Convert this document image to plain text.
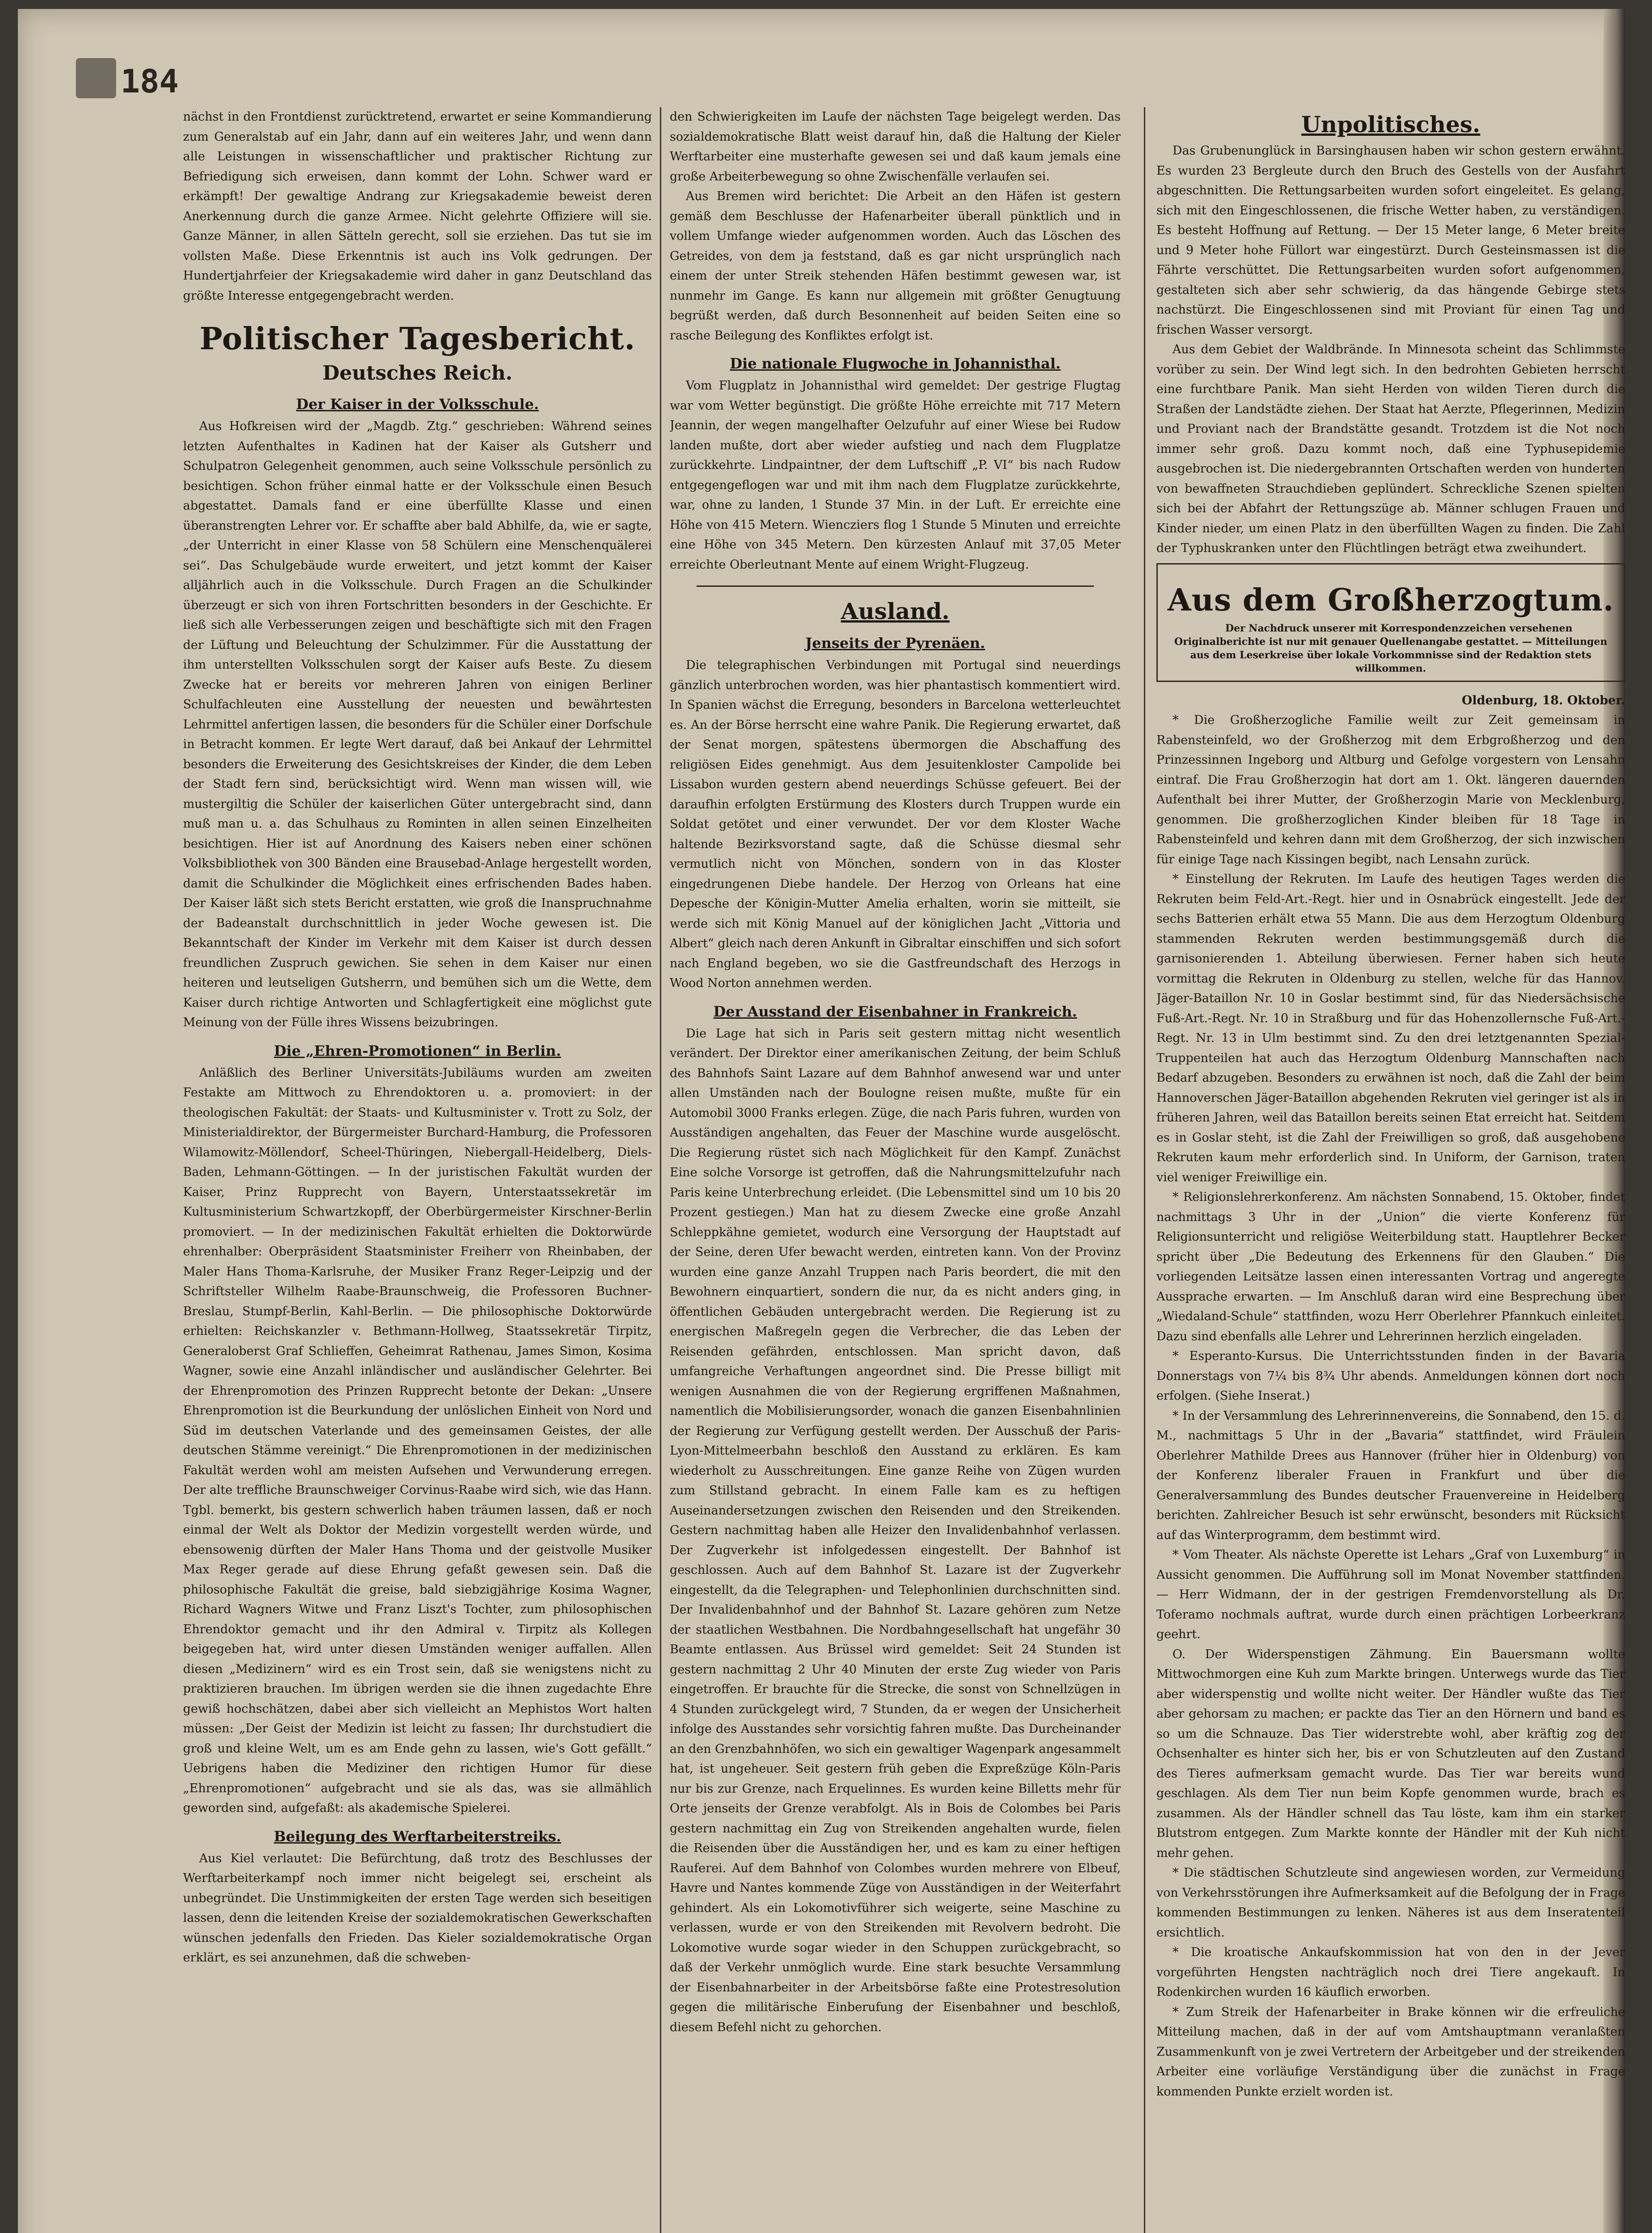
184

nächst in den Frontdienst zurücktretend, erwartet er seine Kommandierung zum Generalstab auf ein Jahr, dann auf ein weiteres Jahr, und wenn dann alle Leistungen in wissenschaftlicher und praktischer Richtung zur Befriedigung sich erweisen, dann kommt der Lohn. Schwer ward er erkämpft! Der gewaltige Andrang zur Kriegsakademie beweist deren Anerkennung durch die ganze Armee. Nicht gelehrte Offiziere will sie. Ganze Männer, in allen Sätteln gerecht, soll sie erziehen. Das tut sie im vollsten Maße. Diese Erkenntnis ist auch ins Volk gedrungen. Der Hundertjahrfeier der Kriegsakademie wird daher in ganz Deutschland das größte Interesse entgegengebracht werden.

Politischer Tagesbericht.
Deutsches Reich.
Der Kaiser in der Volksschule.

Aus Hofkreisen wird der „Magdb. Ztg.“ geschrieben: Während seines letzten Aufenthaltes in Kadinen hat der Kaiser als Gutsherr und Schulpatron Gelegenheit genommen, auch seine Volksschule persönlich zu besichtigen. Schon früher einmal hatte er der Volksschule einen Besuch abgestattet. Damals fand er eine überfüllte Klasse und einen überanstrengten Lehrer vor. Er schaffte aber bald Abhilfe, da, wie er sagte, „der Unterricht in einer Klasse von 58 Schülern eine Menschenquälerei sei“. Das Schulgebäude wurde erweitert, und jetzt kommt der Kaiser alljährlich auch in die Volksschule. Durch Fragen an die Schulkinder überzeugt er sich von ihren Fortschritten besonders in der Geschichte. Er ließ sich alle Verbesserungen zeigen und beschäftigte sich mit den Fragen der Lüftung und Beleuchtung der Schulzimmer. Für die Ausstattung der ihm unterstellten Volksschulen sorgt der Kaiser aufs Beste. Zu diesem Zwecke hat er bereits vor mehreren Jahren von einigen Berliner Schulfachleuten eine Ausstellung der neuesten und bewährtesten Lehrmittel anfertigen lassen, die besonders für die Schüler einer Dorfschule in Betracht kommen. Er legte Wert darauf, daß bei Ankauf der Lehrmittel besonders die Erweiterung des Gesichtskreises der Kinder, die dem Leben der Stadt fern sind, berücksichtigt wird. Wenn man wissen will, wie mustergiltig die Schüler der kaiserlichen Güter untergebracht sind, dann muß man u. a. das Schulhaus zu Rominten in allen seinen Einzelheiten besichtigen. Hier ist auf Anordnung des Kaisers neben einer schönen Volksbibliothek von 300 Bänden eine Brausebad-Anlage hergestellt worden, damit die Schulkinder die Möglichkeit eines erfrischenden Bades haben. Der Kaiser läßt sich stets Bericht erstatten, wie groß die Inanspruchnahme der Badeanstalt durchschnittlich in jeder Woche gewesen ist. Die Bekanntschaft der Kinder im Verkehr mit dem Kaiser ist durch dessen freundlichen Zuspruch gewichen. Sie sehen in dem Kaiser nur einen heiteren und leutseligen Gutsherrn, und bemühen sich um die Wette, dem Kaiser durch richtige Antworten und Schlagfertigkeit eine möglichst gute Meinung von der Fülle ihres Wissens beizubringen.

Die „Ehren-Promotionen“ in Berlin.

Anläßlich des Berliner Universitäts-Jubiläums wurden am zweiten Festakte am Mittwoch zu Ehrendoktoren u. a. promoviert: in der theologischen Fakultät: der Staats- und Kultusminister v. Trott zu Solz, der Ministerialdirektor, der Bürgermeister Burchard-Hamburg, die Professoren Wilamowitz-Möllendorf, Scheel-Thüringen, Niebergall-Heidelberg, Diels-Baden, Lehmann-Göttingen. — In der juristischen Fakultät wurden der Kaiser, Prinz Rupprecht von Bayern, Unterstaatssekretär im Kultusministerium Schwartzkopff, der Oberbürgermeister Kirschner-Berlin promoviert. — In der medizinischen Fakultät erhielten die Doktorwürde ehrenhalber: Oberpräsident Staatsminister Freiherr von Rheinbaben, der Maler Hans Thoma-Karlsruhe, der Musiker Franz Reger-Leipzig und der Schriftsteller Wilhelm Raabe-Braunschweig, die Professoren Buchner-Breslau, Stumpf-Berlin, Kahl-Berlin. — Die philosophische Doktorwürde erhielten: Reichskanzler v. Bethmann-Hollweg, Staatssekretär Tirpitz, Generaloberst Graf Schlieffen, Geheimrat Rathenau, James Simon, Kosima Wagner, sowie eine Anzahl inländischer und ausländischer Gelehrter. Bei der Ehrenpromotion des Prinzen Rupprecht betonte der Dekan: „Unsere Ehrenpromotion ist die Beurkundung der unlöslichen Einheit von Nord und Süd im deutschen Vaterlande und des gemeinsamen Geistes, der alle deutschen Stämme vereinigt.“ Die Ehrenpromotionen in der medizinischen Fakultät werden wohl am meisten Aufsehen und Verwunderung erregen. Der alte treffliche Braunschweiger Corvinus-Raabe wird sich, wie das Hann. Tgbl. bemerkt, bis gestern schwerlich haben träumen lassen, daß er noch einmal der Welt als Doktor der Medizin vorgestellt werden würde, und ebensowenig dürften der Maler Hans Thoma und der geistvolle Musiker Max Reger gerade auf diese Ehrung gefaßt gewesen sein. Daß die philosophische Fakultät die greise, bald siebzigjährige Kosima Wagner, Richard Wagners Witwe und Franz Liszt's Tochter, zum philosophischen Ehrendoktor gemacht und ihr den Admiral v. Tirpitz als Kollegen beigegeben hat, wird unter diesen Umständen weniger auffallen. Allen diesen „Medizinern“ wird es ein Trost sein, daß sie wenigstens nicht zu praktizieren brauchen. Im übrigen werden sie die ihnen zugedachte Ehre gewiß hochschätzen, dabei aber sich vielleicht an Mephistos Wort halten müssen: „Der Geist der Medizin ist leicht zu fassen; Ihr durchstudiert die groß und kleine Welt, um es am Ende gehn zu lassen, wie's Gott gefällt.“ Uebrigens haben die Mediziner den richtigen Humor für diese „Ehrenpromotionen“ aufgebracht und sie als das, was sie allmählich geworden sind, aufgefaßt: als akademische Spielerei.

Beilegung des Werftarbeiterstreiks.

Aus Kiel verlautet: Die Befürchtung, daß trotz des Beschlusses der Werftarbeiterkampf noch immer nicht beigelegt sei, erscheint als unbegründet. Die Unstimmigkeiten der ersten Tage werden sich beseitigen lassen, denn die leitenden Kreise der sozialdemokratischen Gewerkschaften wünschen jedenfalls den Frieden. Das Kieler sozialdemokratische Organ erklärt, es sei anzunehmen, daß die schweben-

den Schwierigkeiten im Laufe der nächsten Tage beigelegt werden. Das sozialdemokratische Blatt weist darauf hin, daß die Haltung der Kieler Werftarbeiter eine musterhafte gewesen sei und daß kaum jemals eine große Arbeiterbewegung so ohne Zwischenfälle verlaufen sei.

Aus Bremen wird berichtet: Die Arbeit an den Häfen ist gestern gemäß dem Beschlusse der Hafenarbeiter überall pünktlich und in vollem Umfange wieder aufgenommen worden. Auch das Löschen des Getreides, von dem ja feststand, daß es gar nicht ursprünglich nach einem der unter Streik stehenden Häfen bestimmt gewesen war, ist nunmehr im Gange. Es kann nur allgemein mit größter Genugtuung begrüßt werden, daß durch Besonnenheit auf beiden Seiten eine so rasche Beilegung des Konfliktes erfolgt ist.

Die nationale Flugwoche in Johannisthal.

Vom Flugplatz in Johannisthal wird gemeldet: Der gestrige Flugtag war vom Wetter begünstigt. Die größte Höhe erreichte mit 717 Metern Jeannin, der wegen mangelhafter Oelzufuhr auf einer Wiese bei Rudow landen mußte, dort aber wieder aufstieg und nach dem Flugplatze zurückkehrte. Lindpaintner, der dem Luftschiff „P. VI“ bis nach Rudow entgegengeflogen war und mit ihm nach dem Flugplatze zurückkehrte, war, ohne zu landen, 1 Stunde 37 Min. in der Luft. Er erreichte eine Höhe von 415 Metern. Wiencziers flog 1 Stunde 5 Minuten und erreichte eine Höhe von 345 Metern. Den kürzesten Anlauf mit 37,05 Meter erreichte Oberleutnant Mente auf einem Wright-Flugzeug.

Ausland.
Jenseits der Pyrenäen.

Die telegraphischen Verbindungen mit Portugal sind neuerdings gänzlich unterbrochen worden, was hier phantastisch kommentiert wird. In Spanien wächst die Erregung, besonders in Barcelona wetterleuchtet es. An der Börse herrscht eine wahre Panik. Die Regierung erwartet, daß der Senat morgen, spätestens übermorgen die Abschaffung des religiösen Eides genehmigt. Aus dem Jesuitenkloster Campolide bei Lissabon wurden gestern abend neuerdings Schüsse gefeuert. Bei der daraufhin erfolgten Erstürmung des Klosters durch Truppen wurde ein Soldat getötet und einer verwundet. Der vor dem Kloster Wache haltende Bezirksvorstand sagte, daß die Schüsse diesmal sehr vermutlich nicht von Mönchen, sondern von in das Kloster eingedrungenen Diebe handele. Der Herzog von Orleans hat eine Depesche der Königin-Mutter Amelia erhalten, worin sie mitteilt, sie werde sich mit König Manuel auf der königlichen Jacht „Vittoria und Albert“ gleich nach deren Ankunft in Gibraltar einschiffen und sich sofort nach England begeben, wo sie die Gastfreundschaft des Herzogs in Wood Norton annehmen werden.

Der Ausstand der Eisenbahner in Frankreich.

Die Lage hat sich in Paris seit gestern mittag nicht wesentlich verändert. Der Direktor einer amerikanischen Zeitung, der beim Schluß des Bahnhofs Saint Lazare auf dem Bahnhof anwesend war und unter allen Umständen nach der Boulogne reisen mußte, mußte für ein Automobil 3000 Franks erlegen. Züge, die nach Paris fuhren, wurden von Ausständigen angehalten, das Feuer der Maschine wurde ausgelöscht. Die Regierung rüstet sich nach Möglichkeit für den Kampf. Zunächst Eine solche Vorsorge ist getroffen, daß die Nahrungsmittelzufuhr nach Paris keine Unterbrechung erleidet. (Die Lebensmittel sind um 10 bis 20 Prozent gestiegen.) Man hat zu diesem Zwecke eine große Anzahl Schleppkähne gemietet, wodurch eine Versorgung der Hauptstadt auf der Seine, deren Ufer bewacht werden, eintreten kann. Von der Provinz wurden eine ganze Anzahl Truppen nach Paris beordert, die mit den Bewohnern einquartiert, sondern die nur, da es nicht anders ging, in öffentlichen Gebäuden untergebracht werden. Die Regierung ist zu energischen Maßregeln gegen die Verbrecher, die das Leben der Reisenden gefährden, entschlossen. Man spricht davon, daß umfangreiche Verhaftungen angeordnet sind. Die Presse billigt mit wenigen Ausnahmen die von der Regierung ergriffenen Maßnahmen, namentlich die Mobilisierungsorder, wonach die ganzen Eisenbahnlinien der Regierung zur Verfügung gestellt werden. Der Ausschuß der Paris-Lyon-Mittelmeerbahn beschloß den Ausstand zu erklären. Es kam wiederholt zu Ausschreitungen. Eine ganze Reihe von Zügen wurden zum Stillstand gebracht. In einem Falle kam es zu heftigen Auseinandersetzungen zwischen den Reisenden und den Streikenden. Gestern nachmittag haben alle Heizer den Invalidenbahnhof verlassen. Der Zugverkehr ist infolgedessen eingestellt. Der Bahnhof ist geschlossen. Auch auf dem Bahnhof St. Lazare ist der Zugverkehr eingestellt, da die Telegraphen- und Telephonlinien durchschnitten sind. Der Invalidenbahnhof und der Bahnhof St. Lazare gehören zum Netze der staatlichen Westbahnen. Die Nordbahngesellschaft hat ungefähr 30 Beamte entlassen. Aus Brüssel wird gemeldet: Seit 24 Stunden ist gestern nachmittag 2 Uhr 40 Minuten der erste Zug wieder von Paris eingetroffen. Er brauchte für die Strecke, die sonst von Schnellzügen in 4 Stunden zurückgelegt wird, 7 Stunden, da er wegen der Unsicherheit infolge des Ausstandes sehr vorsichtig fahren mußte. Das Durcheinander an den Grenzbahnhöfen, wo sich ein gewaltiger Wagenpark angesammelt hat, ist ungeheuer. Seit gestern früh geben die Expreßzüge Köln-Paris nur bis zur Grenze, nach Erquelinnes. Es wurden keine Billetts mehr für Orte jenseits der Grenze verabfolgt. Als in Bois de Colombes bei Paris gestern nachmittag ein Zug von Streikenden angehalten wurde, fielen die Reisenden über die Ausständigen her, und es kam zu einer heftigen Rauferei. Auf dem Bahnhof von Colombes wurden mehrere von Elbeuf, Havre und Nantes kommende Züge von Ausständigen in der Weiterfahrt gehindert. Als ein Lokomotivführer sich weigerte, seine Maschine zu verlassen, wurde er von den Streikenden mit Revolvern bedroht. Die Lokomotive wurde sogar wieder in den Schuppen zurückgebracht, so daß der Verkehr unmöglich wurde. Eine stark besuchte Versammlung der Eisenbahnarbeiter in der Arbeitsbörse faßte eine Protestresolution gegen die militärische Einberufung der Eisenbahner und beschloß, diesem Befehl nicht zu gehorchen.

Unpolitisches.

Das Grubenunglück in Barsinghausen haben wir schon gestern erwähnt. Es wurden 23 Bergleute durch den Bruch des Gestells von der Ausfahrt abgeschnitten. Die Rettungsarbeiten wurden sofort eingeleitet. Es gelang, sich mit den Eingeschlossenen, die frische Wetter haben, zu verständigen. Es besteht Hoffnung auf Rettung. — Der 15 Meter lange, 6 Meter breite und 9 Meter hohe Füllort war eingestürzt. Durch Gesteinsmassen ist die Fährte verschüttet. Die Rettungsarbeiten wurden sofort aufgenommen, gestalteten sich aber sehr schwierig, da das hängende Gebirge stets nachstürzt. Die Eingeschlossenen sind mit Proviant für einen Tag und frischen Wasser versorgt.

Aus dem Gebiet der Waldbrände. In Minnesota scheint das Schlimmste vorüber zu sein. Der Wind legt sich. In den bedrohten Gebieten herrscht eine furchtbare Panik. Man sieht Herden von wilden Tieren durch die Straßen der Landstädte ziehen. Der Staat hat Aerzte, Pflegerinnen, Medizin und Proviant nach der Brandstätte gesandt. Trotzdem ist die Not noch immer sehr groß. Dazu kommt noch, daß eine Typhusepidemie ausgebrochen ist. Die niedergebrannten Ortschaften werden von hunderten von bewaffneten Strauchdieben geplündert. Schreckliche Szenen spielten sich bei der Abfahrt der Rettungszüge ab. Männer schlugen Frauen und Kinder nieder, um einen Platz in den überfüllten Wagen zu finden. Die Zahl der Typhuskranken unter den Flüchtlingen beträgt etwa zweihundert.

Aus dem Großherzogtum.

Der Nachdruck unserer mit Korrespondenzzeichen versehenen Originalberichte ist nur mit genauer Quellenangabe gestattet. — Mitteilungen aus dem Leserkreise über lokale Vorkommnisse sind der Redaktion stets willkommen.

Oldenburg, 18. Oktober.

* Die Großherzogliche Familie weilt zur Zeit gemeinsam in Rabensteinfeld, wo der Großherzog mit dem Erbgroßherzog und den Prinzessinnen Ingeborg und Altburg und Gefolge vorgestern von Lensahn eintraf. Die Frau Großherzogin hat dort am 1. Okt. längeren dauernden Aufenthalt bei ihrer Mutter, der Großherzogin Marie von Mecklenburg, genommen. Die großherzoglichen Kinder bleiben für 18 Tage in Rabensteinfeld und kehren dann mit dem Großherzog, der sich inzwischen für einige Tage nach Kissingen begibt, nach Lensahn zurück.

* Einstellung der Rekruten. Im Laufe des heutigen Tages werden die Rekruten beim Feld-Art.-Regt. hier und in Osnabrück eingestellt. Jede der sechs Batterien erhält etwa 55 Mann. Die aus dem Herzogtum Oldenburg stammenden Rekruten werden bestimmungsgemäß durch die garnisonierenden 1. Abteilung überwiesen. Ferner haben sich heute vormittag die Rekruten in Oldenburg zu stellen, welche für das Hannov. Jäger-Bataillon Nr. 10 in Goslar bestimmt sind, für das Niedersächsische Fuß-Art.-Regt. Nr. 10 in Straßburg und für das Hohenzollernsche Fuß-Art.-Regt. Nr. 13 in Ulm bestimmt sind. Zu den drei letztgenannten Spezial-Truppenteilen hat auch das Herzogtum Oldenburg Mannschaften nach Bedarf abzugeben. Besonders zu erwähnen ist noch, daß die Zahl der beim Hannoverschen Jäger-Bataillon abgehenden Rekruten viel geringer ist als in früheren Jahren, weil das Bataillon bereits seinen Etat erreicht hat. Seitdem es in Goslar steht, ist die Zahl der Freiwilligen so groß, daß ausgehobene Rekruten kaum mehr erforderlich sind. In Uniform, der Garnison, traten viel weniger Freiwillige ein.

* Religionslehrerkonferenz. Am nächsten Sonnabend, 15. Oktober, findet nachmittags 3 Uhr in der „Union“ die vierte Konferenz für Religionsunterricht und religiöse Weiterbildung statt. Hauptlehrer Becker spricht über „Die Bedeutung des Erkennens für den Glauben.“ Die vorliegenden Leitsätze lassen einen interessanten Vortrag und angeregte Aussprache erwarten. — Im Anschluß daran wird eine Besprechung über „Wiedaland-Schule“ stattfinden, wozu Herr Oberlehrer Pfannkuch einleitet. Dazu sind ebenfalls alle Lehrer und Lehrerinnen herzlich eingeladen.

* Esperanto-Kursus. Die Unterrichtsstunden finden in der Bavaria Donnerstags von 7¼ bis 8¾ Uhr abends. Anmeldungen können dort noch erfolgen. (Siehe Inserat.)

* In der Versammlung des Lehrerinnenvereins, die Sonnabend, den 15. d. M., nachmittags 5 Uhr in der „Bavaria“ stattfindet, wird Fräulein Oberlehrer Mathilde Drees aus Hannover (früher hier in Oldenburg) von der Konferenz liberaler Frauen in Frankfurt und über die Generalversammlung des Bundes deutscher Frauenvereine in Heidelberg berichten. Zahlreicher Besuch ist sehr erwünscht, besonders mit Rücksicht auf das Winterprogramm, dem bestimmt wird.

* Vom Theater. Als nächste Operette ist Lehars „Graf von Luxemburg“ in Aussicht genommen. Die Aufführung soll im Monat November stattfinden. — Herr Widmann, der in der gestrigen Fremdenvorstellung als Dr. Toferamo nochmals auftrat, wurde durch einen prächtigen Lorbeerkranz geehrt.

O. Der Widerspenstigen Zähmung. Ein Bauersmann wollte Mittwochmorgen eine Kuh zum Markte bringen. Unterwegs wurde das Tier aber widerspenstig und wollte nicht weiter. Der Händler wußte das Tier aber gehorsam zu machen; er packte das Tier an den Hörnern und band es so um die Schnauze. Das Tier widerstrebte wohl, aber kräftig zog der Ochsenhalter es hinter sich her, bis er von Schutzleuten auf den Zustand des Tieres aufmerksam gemacht wurde. Das Tier war bereits wund geschlagen. Als dem Tier nun beim Kopfe genommen wurde, brach es zusammen. Als der Händler schnell das Tau löste, kam ihm ein starker Blutstrom entgegen. Zum Markte konnte der Händler mit der Kuh nicht mehr gehen.

* Die städtischen Schutzleute sind angewiesen worden, zur Vermeidung von Verkehrsstörungen ihre Aufmerksamkeit auf die Befolgung der in Frage kommenden Bestimmungen zu lenken. Näheres ist aus dem Inseratenteil ersichtlich.

* Die kroatische Ankaufskommission hat von den in der Jever vorgeführten Hengsten nachträglich noch drei Tiere angekauft. In Rodenkirchen wurden 16 käuflich erworben.

* Zum Streik der Hafenarbeiter in Brake können wir die erfreuliche Mitteilung machen, daß in der auf vom Amtshauptmann veranlaßten Zusammenkunft von je zwei Vertretern der Arbeitgeber und der streikenden Arbeiter eine vorläufige Verständigung über die zunächst in Frage kommenden Punkte erzielt worden ist.
